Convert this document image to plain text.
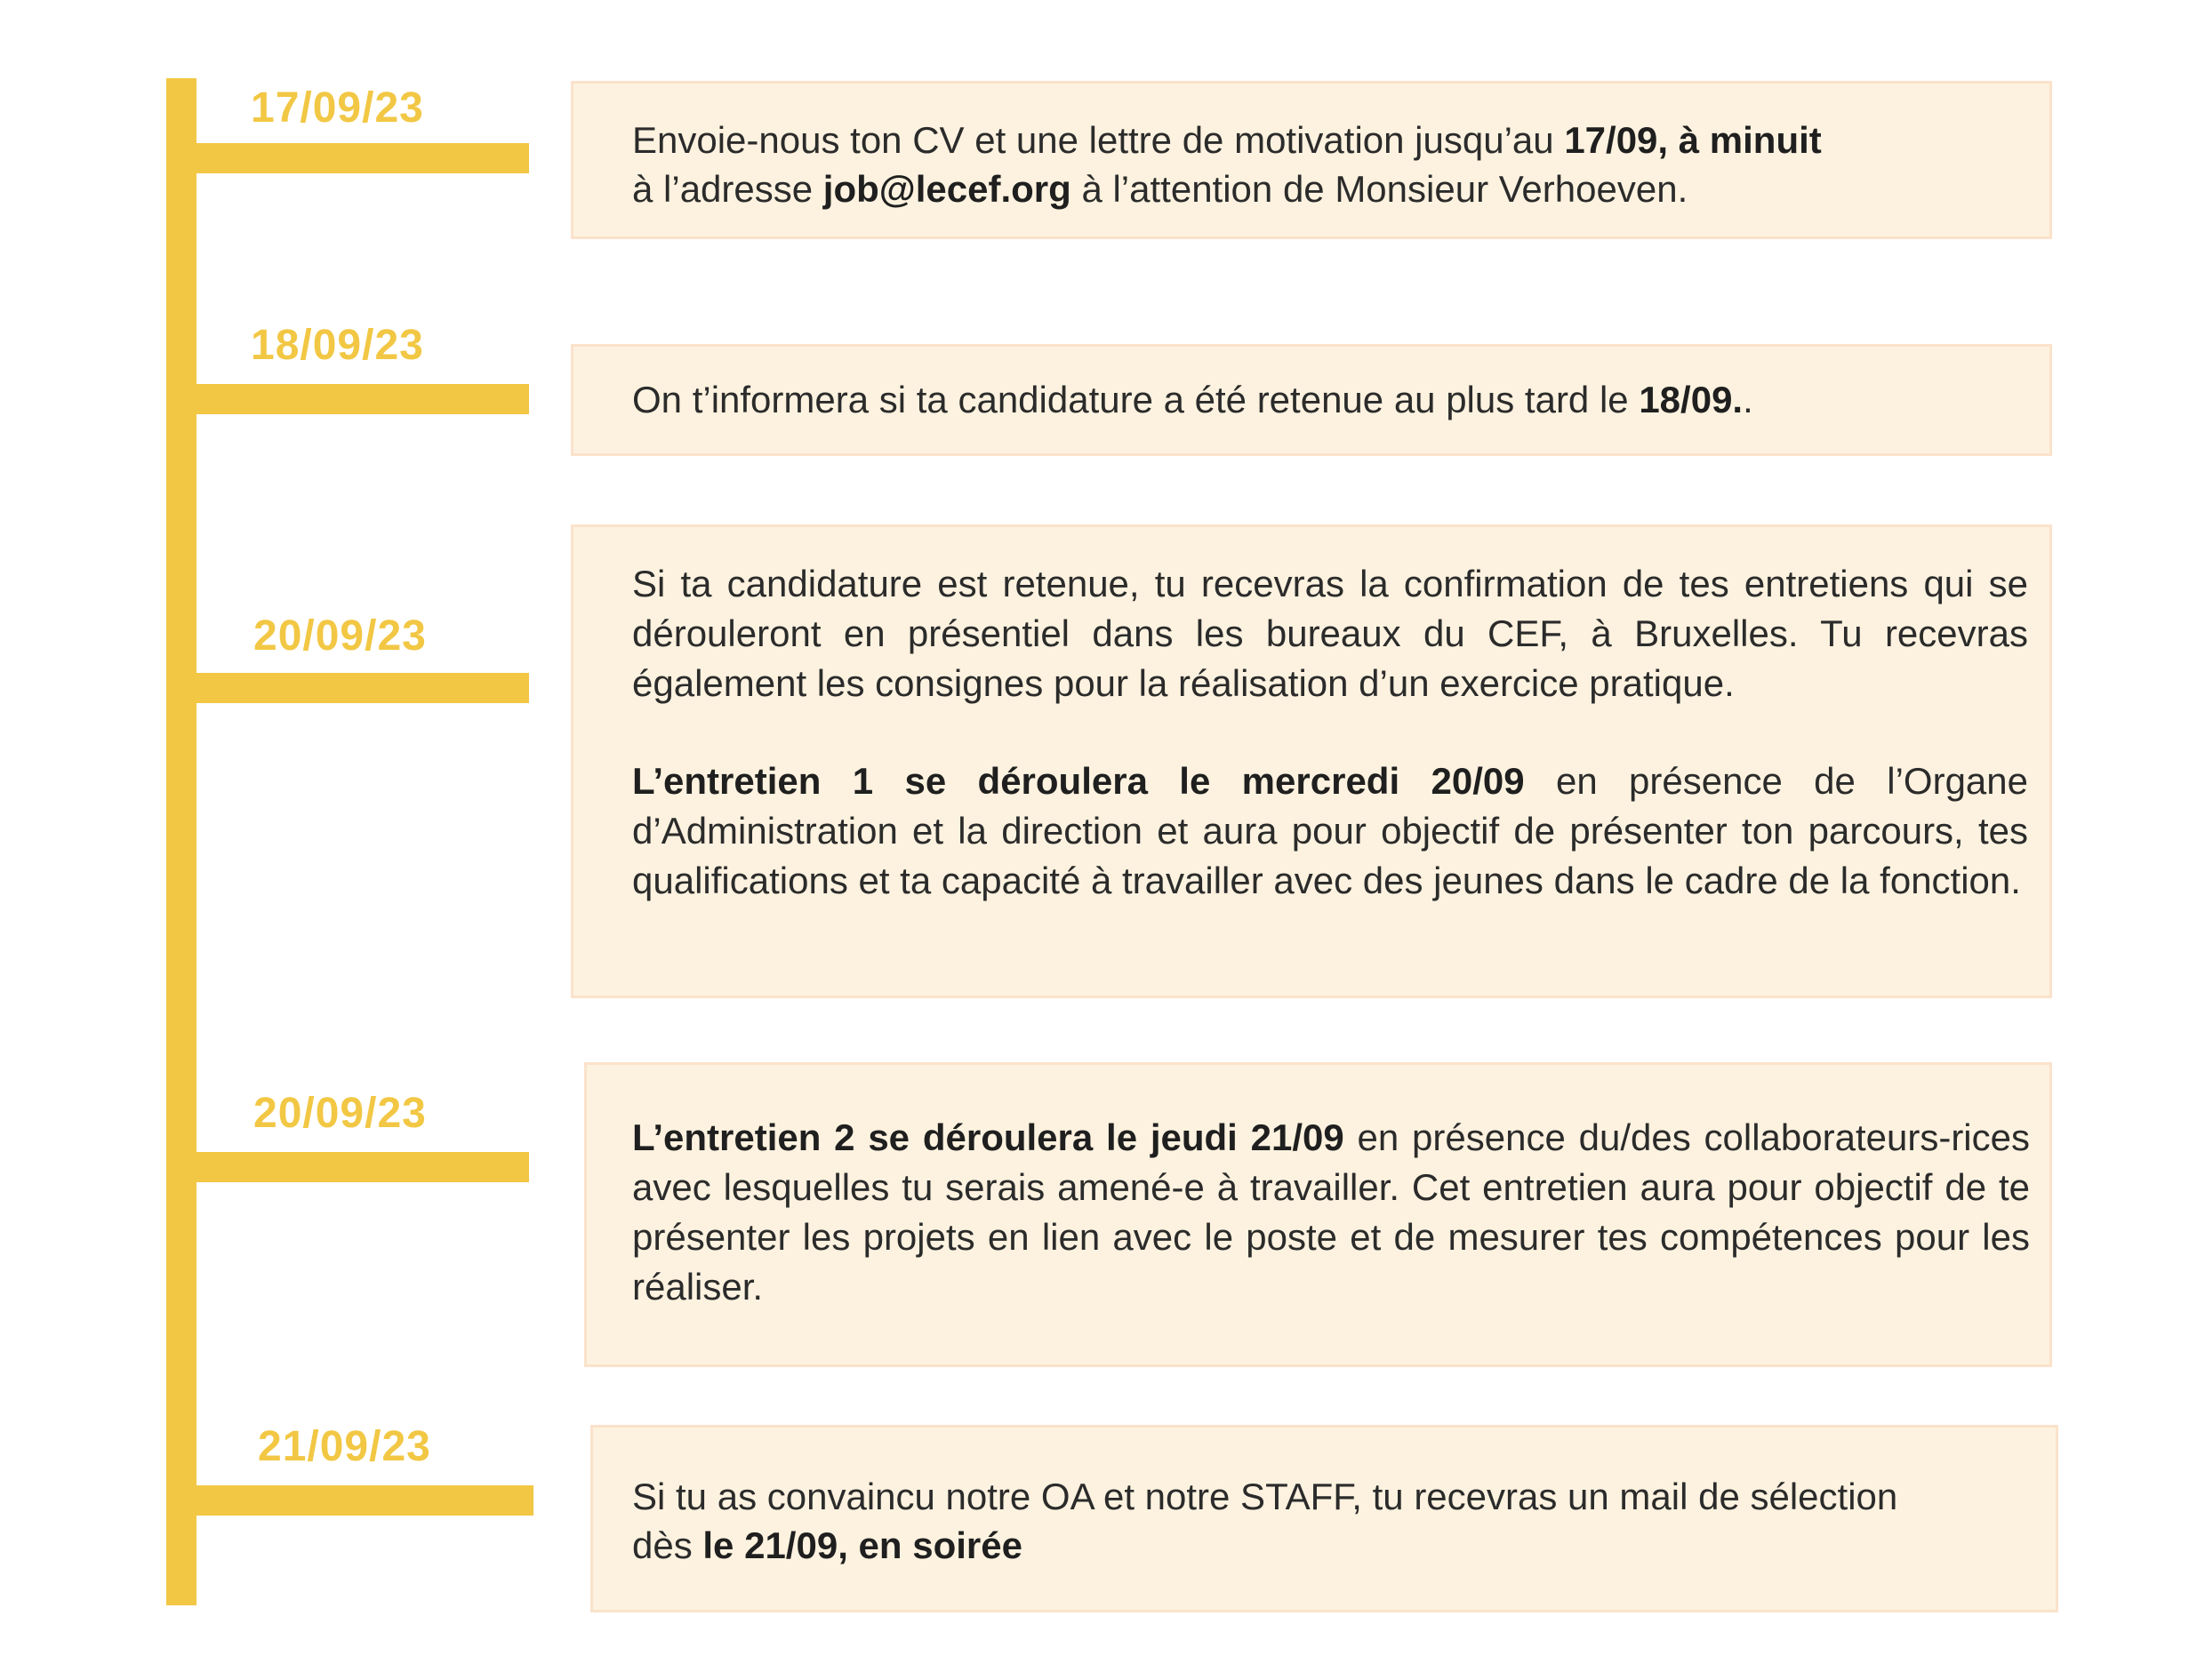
17/09/23

Envoie-nous ton CV et une lettre de motivation jusqu’au 17/09, à minuit

à l’adresse job@lecef.org à l’attention de Monsieur Verhoeven.

18/09/23

On t’informera si ta candidature a été retenue au plus tard le 18/09..

20/09/23

Si ta candidature est retenue, tu recevras la confirmation de tes entretiens qui se dérouleront en présentiel dans les bureaux du CEF, à Bruxelles. Tu recevras également les consignes pour la réalisation d’un exercice pratique.

L’entretien 1 se déroulera le mercredi 20/09 en présence de l’Organe d’Administration et la direction et aura pour objectif de présenter ton parcours, tes qualifications et ta capacité à travailler avec des jeunes dans le cadre de la fonction.

20/09/23

L’entretien 2 se déroulera le jeudi 21/09 en présence du/des collaborateurs-rices avec lesquelles tu serais amené-e à travailler. Cet entretien aura pour objectif de te présenter les projets en lien avec le poste et de mesurer tes compétences pour les réaliser.

21/09/23

Si tu as convaincu notre OA et notre STAFF, tu recevras un mail de sélection

dès le 21/09, en soirée
